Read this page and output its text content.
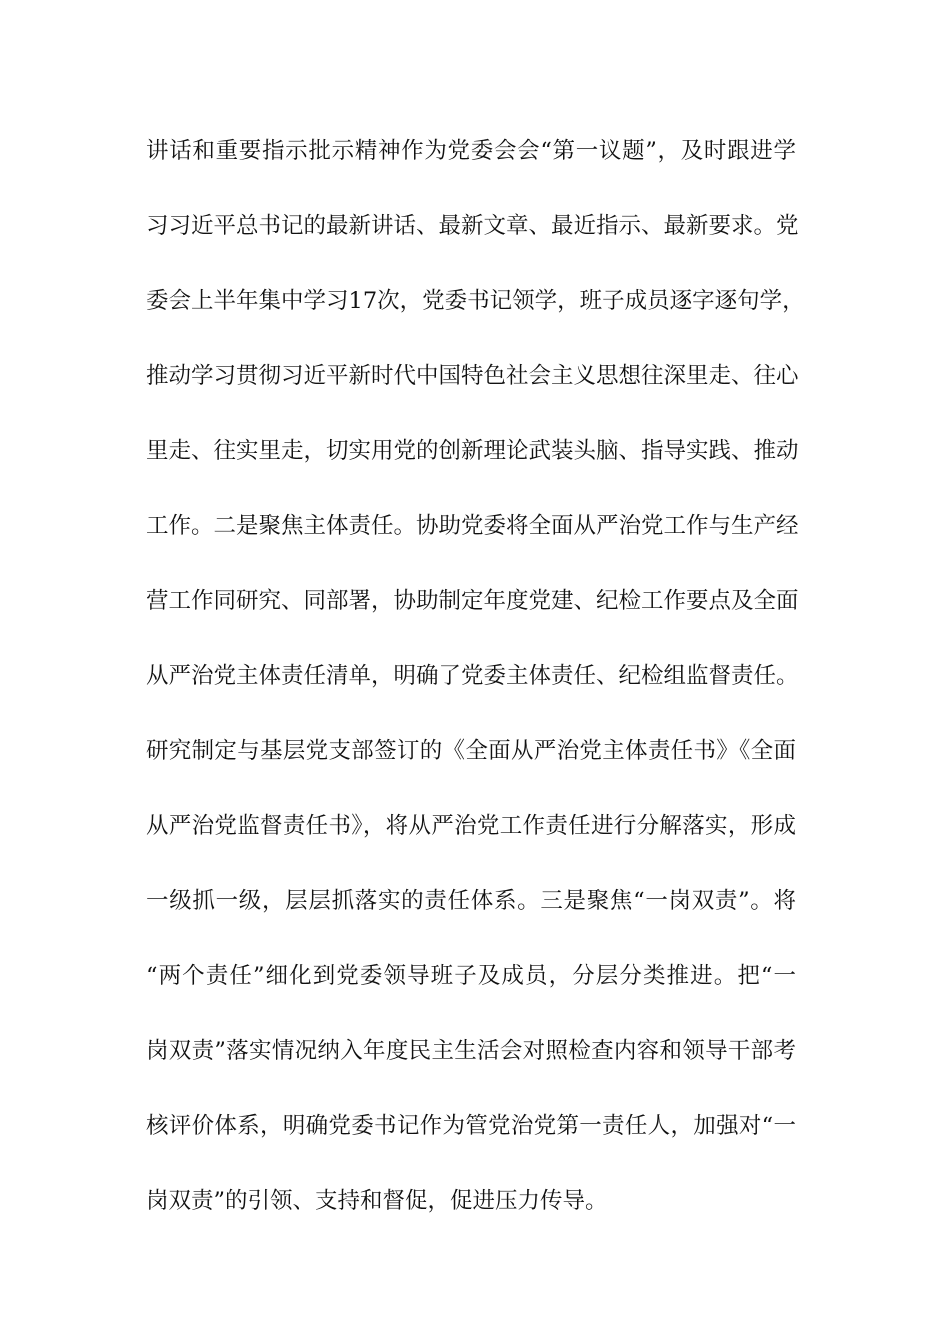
讲话和重要指示批示精神作为党委会会“第一议题”，及时跟进学
习习近平总书记的最新讲话、最新文章、最近指示、最新要求。党
委会上半年集中学习17次，党委书记领学，班子成员逐字逐句学，
推动学习贯彻习近平新时代中国特色社会主义思想往深里走、往心
里走、往实里走，切实用党的创新理论武装头脑、指导实践、推动
工作。二是聚焦主体责任。协助党委将全面从严治党工作与生产经
营工作同研究、同部署，协助制定年度党建、纪检工作要点及全面
从严治党主体责任清单，明确了党委主体责任、纪检组监督责任。
研究制定与基层党支部签订的《全面从严治党主体责任书》《全面
从严治党监督责任书》，将从严治党工作责任进行分解落实，形成
一级抓一级，层层抓落实的责任体系。三是聚焦“一岗双责”。将
“两个责任”细化到党委领导班子及成员，分层分类推进。把“一
岗双责”落实情况纳入年度民主生活会对照检查内容和领导干部考
核评价体系，明确党委书记作为管党治党第一责任人，加强对“一
岗双责”的引领、支持和督促，促进压力传导。
